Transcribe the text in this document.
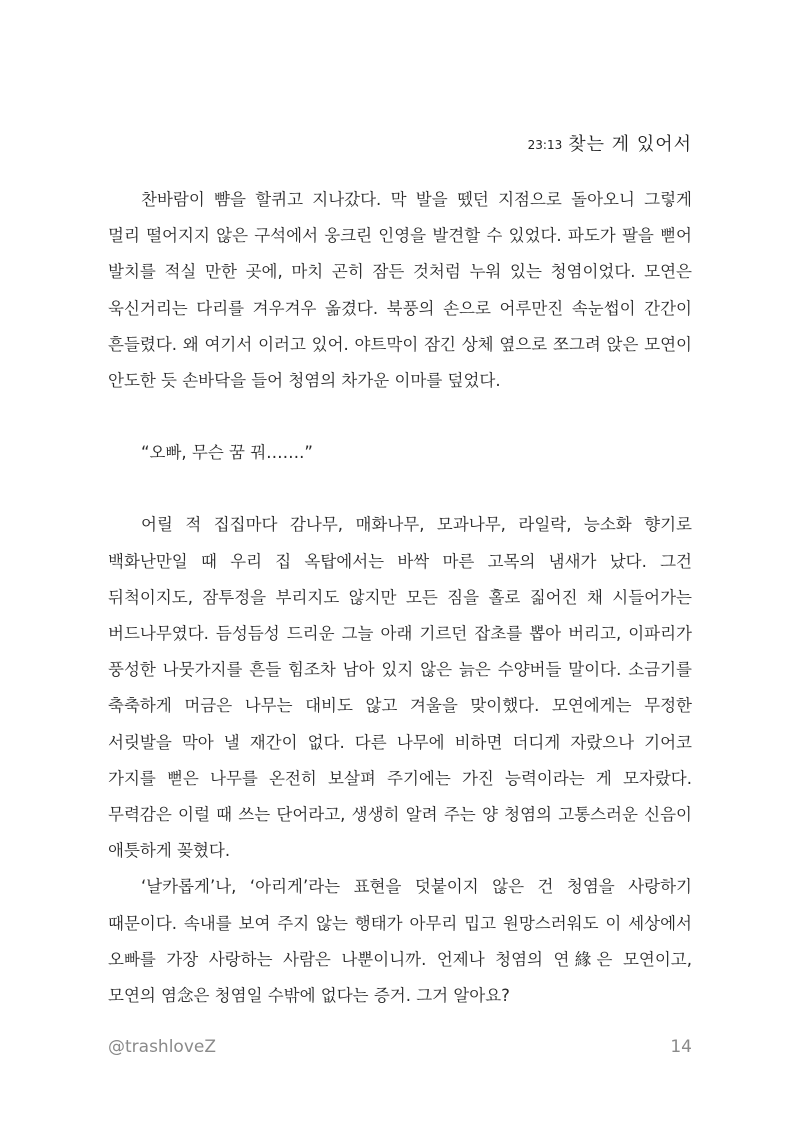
23:13 찾는 게 있어서

찬바람이 뺨을 할퀴고 지나갔다. 막 발을 뗐던 지점으로 돌아오니 그렇게 멀리 떨어지지 않은 구석에서 웅크린 인영을 발견할 수 있었다. 파도가 팔을 뻗어 발치를 적실 만한 곳에, 마치 곤히 잠든 것처럼 누워 있는 청염이었다. 모연은 욱신거리는 다리를 겨우겨우 옮겼다. 북풍의 손으로 어루만진 속눈썹이 간간이 흔들렸다. 왜 여기서 이러고 있어. 야트막이 잠긴 상체 옆으로 쪼그려 앉은 모연이 안도한 듯 손바닥을 들어 청염의 차가운 이마를 덮었다.

“오빠, 무슨 꿈 꿔…….”

어릴 적 집집마다 감나무, 매화나무, 모과나무, 라일락, 능소화 향기로 백화난만일 때 우리 집 옥탑에서는 바싹 마른 고목의 냄새가 났다. 그건 뒤척이지도, 잠투정을 부리지도 않지만 모든 짐을 홀로 짊어진 채 시들어가는 버드나무였다. 듬성듬성 드리운 그늘 아래 기르던 잡초를 뽑아 버리고, 이파리가 풍성한 나뭇가지를 흔들 힘조차 남아 있지 않은 늙은 수양버들 말이다. 소금기를 축축하게 머금은 나무는 대비도 않고 겨울을 맞이했다. 모연에게는 무정한 서릿발을 막아 낼 재간이 없다. 다른 나무에 비하면 더디게 자랐으나 기어코 가지를 뻗은 나무를 온전히 보살펴 주기에는 가진 능력이라는 게 모자랐다. 무력감은 이럴 때 쓰는 단어라고, 생생히 알려 주는 양 청염의 고통스러운 신음이 애틋하게 꽂혔다.

‘날카롭게’나, ‘아리게’라는 표현을 덧붙이지 않은 건 청염을 사랑하기 때문이다. 속내를 보여 주지 않는 행태가 아무리 밉고 원망스러워도 이 세상에서 오빠를 가장 사랑하는 사람은 나뿐이니까. 언제나 청염의 연緣은 모연이고, 모연의 염念은 청염일 수밖에 없다는 증거. 그거 알아요?

@trashloveZ	14
